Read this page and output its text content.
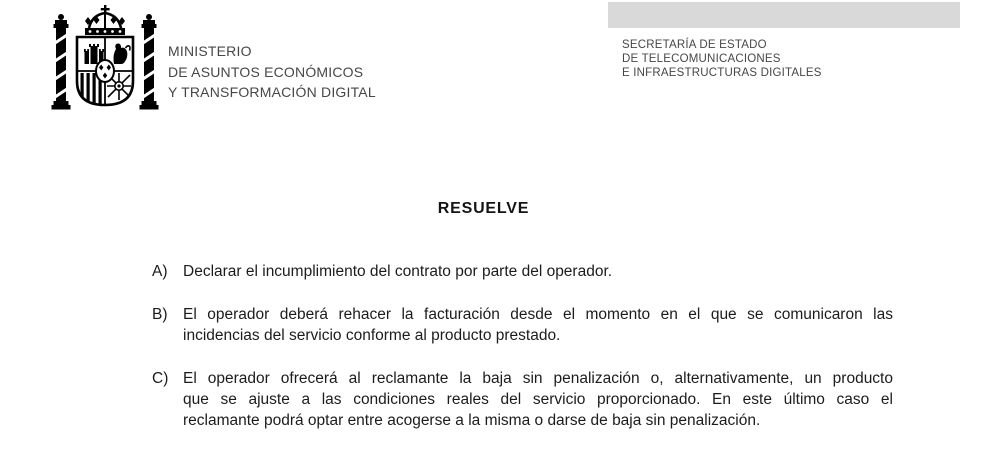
MINISTERIO
DE ASUNTOS ECONÓMICOS
Y TRANSFORMACIÓN DIGITAL
SECRETARÍA DE ESTADO
DE TELECOMUNICACIONES
E INFRAESTRUCTURAS DIGITALES
RESUELVE
A)	Declarar el incumplimiento del contrato por parte del operador.
B)	El operador deberá rehacer la facturación desde el momento en el que se comunicaron las
incidencias del servicio conforme al producto prestado.
C) El operador ofrecerá al reclamante la baja sin penalización o, alternativamente, un producto
que se ajuste a las condiciones reales del servicio proporcionado. En este último caso el
reclamante podrá optar entre acogerse a la misma o darse de baja sin penalización.
